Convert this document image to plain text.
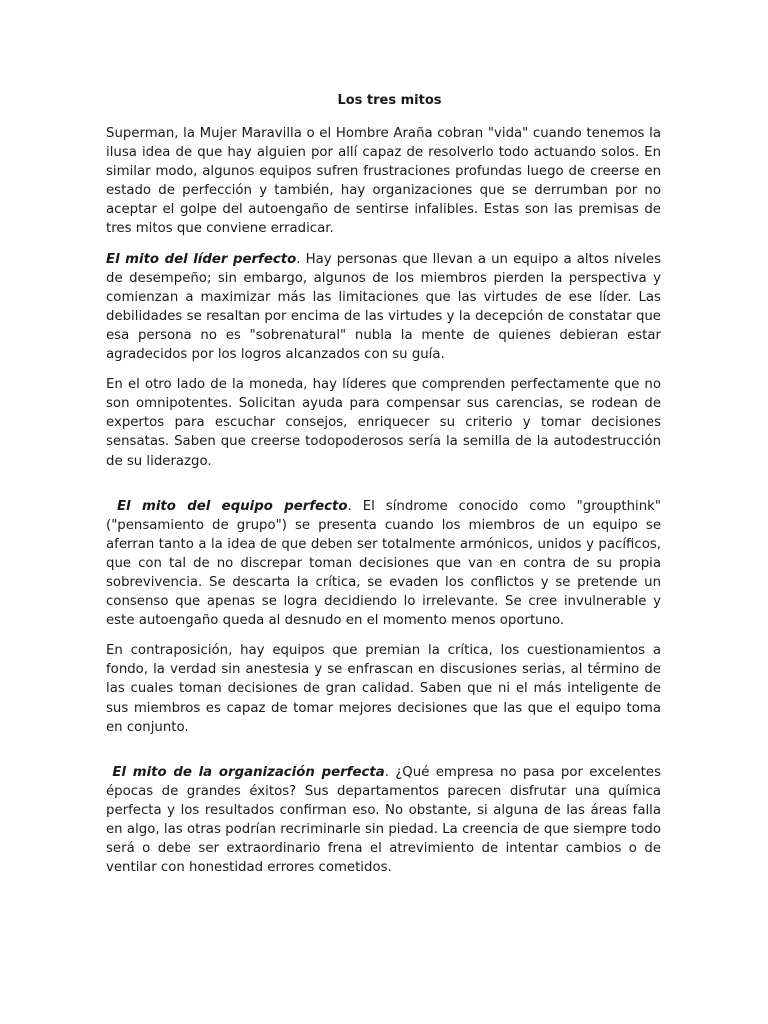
Los tres mitos

Superman, la Mujer Maravilla o el Hombre Araña cobran "vida" cuando tenemos la ilusa idea de que hay alguien por allí capaz de resolverlo todo actuando solos. En similar modo, algunos equipos sufren frustraciones profundas luego de creerse en estado de perfección y también, hay organizaciones que se derrumban por no aceptar el golpe del autoengaño de sentirse infalibles. Estas son las premisas de tres mitos que conviene erradicar.

El mito del líder perfecto. Hay personas que llevan a un equipo a altos niveles de desempeño; sin embargo, algunos de los miembros pierden la perspectiva y comienzan a maximizar más las limitaciones que las virtudes de ese líder. Las debilidades se resaltan por encima de las virtudes y la decepción de constatar que esa persona no es "sobrenatural" nubla la mente de quienes debieran estar agradecidos por los logros alcanzados con su guía.

En el otro lado de la moneda, hay líderes que comprenden perfectamente que no son omnipotentes. Solicitan ayuda para compensar sus carencias, se rodean de expertos para escuchar consejos, enriquecer su criterio y tomar decisiones sensatas. Saben que creerse todopoderosos sería la semilla de la autodestrucción de su liderazgo.

El mito del equipo perfecto. El síndrome conocido como "groupthink" ("pensamiento de grupo") se presenta cuando los miembros de un equipo se aferran tanto a la idea de que deben ser totalmente armónicos, unidos y pacíficos, que con tal de no discrepar toman decisiones que van en contra de su propia sobrevivencia. Se descarta la crítica, se evaden los conflictos y se pretende un consenso que apenas se logra decidiendo lo irrelevante. Se cree invulnerable y este autoengaño queda al desnudo en el momento menos oportuno.

En contraposición, hay equipos que premian la crítica, los cuestionamientos a fondo, la verdad sin anestesia y se enfrascan en discusiones serias, al término de las cuales toman decisiones de gran calidad. Saben que ni el más inteligente de sus miembros es capaz de tomar mejores decisiones que las que el equipo toma en conjunto.

El mito de la organización perfecta. ¿Qué empresa no pasa por excelentes épocas de grandes éxitos? Sus departamentos parecen disfrutar una química perfecta y los resultados confirman eso. No obstante, si alguna de las áreas falla en algo, las otras podrían recriminarle sin piedad. La creencia de que siempre todo será o debe ser extraordinario frena el atrevimiento de intentar cambios o de ventilar con honestidad errores cometidos.
